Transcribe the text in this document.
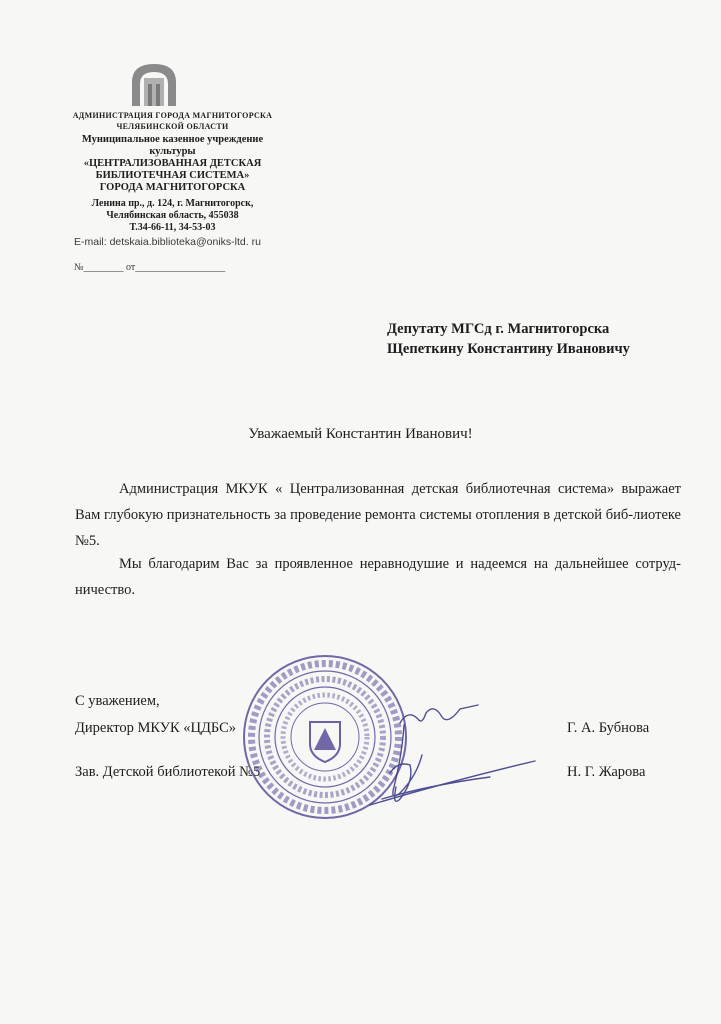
АДМИНИСТРАЦИЯ ГОРОДА МАГНИТОГОРСКА
ЧЕЛЯБИНСКОЙ ОБЛАСТИ
Муниципальное казенное учреждение
культуры
«ЦЕНТРАЛИЗОВАННАЯ ДЕТСКАЯ
БИБЛИОТЕЧНАЯ СИСТЕМА»
ГОРОДА МАГНИТОГОРСКА
Ленина пр., д. 124, г. Магнитогорск,
Челябинская область, 455038
Т.34-66-11, 34-53-03
E-mail: detskaia.biblioteka@oniks-ltd. ru
№________ от__________________
Депутату МГСд г. Магнитогорска
Щепеткину Константину Ивановичу
Уважаемый Константин Иванович!
Администрация МКУК « Централизованная детская библиотечная система» выражает Вам глубокую признательность за проведение ремонта системы отопления в детской биб-лиотеке №5.
Мы благодарим Вас за проявленное неравнодушие и надеемся на дальнейшее сотруд-ничество.
С уважением,
Директор МКУК «ЦДБС»	Г. А. Бубнова
Зав. Детской библиотекой №5	Н. Г. Жарова
